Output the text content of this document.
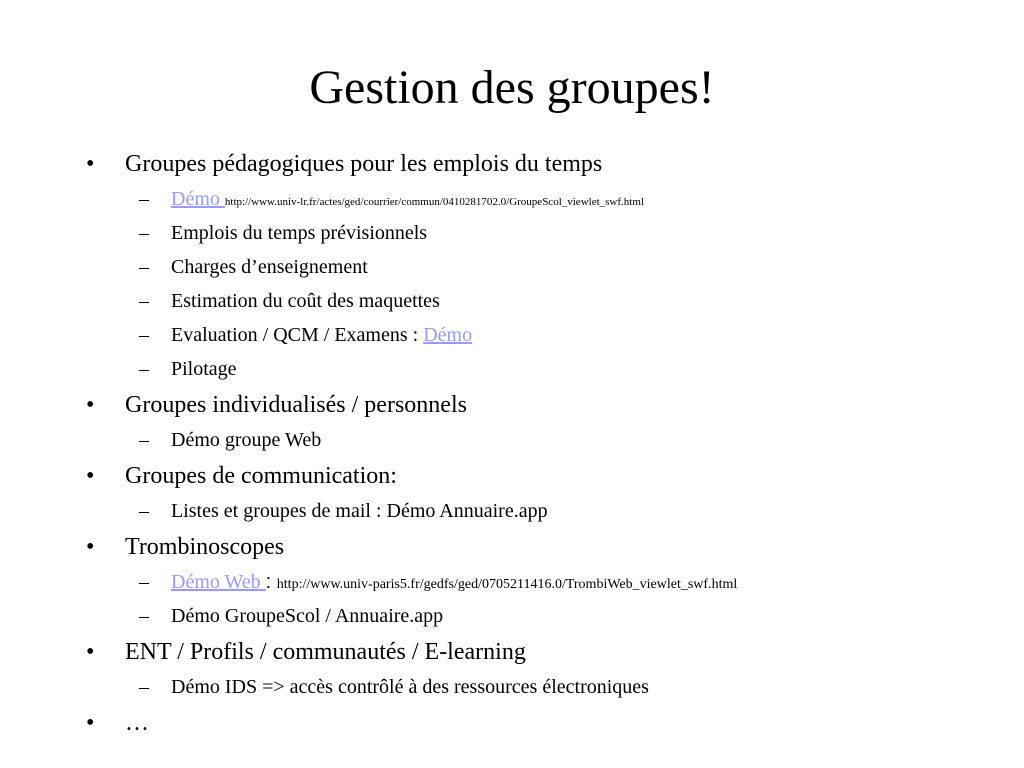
Gestion des groupes!
• Groupes pédagogiques pour les emplois du temps
– Démo http://www.univ-lr.fr/actes/ged/courrier/commun/0410281702.0/GroupeScol_viewlet_swf.html
– Emplois du temps prévisionnels
– Charges d’enseignement
– Estimation du coût des maquettes
– Evaluation / QCM / Examens : Démo
– Pilotage
• Groupes individualisés / personnels
– Démo groupe Web
• Groupes de communication:
– Listes et groupes de mail : Démo Annuaire.app
• Trombinoscopes
– Démo Web : http://www.univ-paris5.fr/gedfs/ged/0705211416.0/TrombiWeb_viewlet_swf.html
– Démo GroupeScol / Annuaire.app
• ENT / Profils / communautés / E-learning
– Démo IDS => accès contrôlé à des ressources électroniques
• …
